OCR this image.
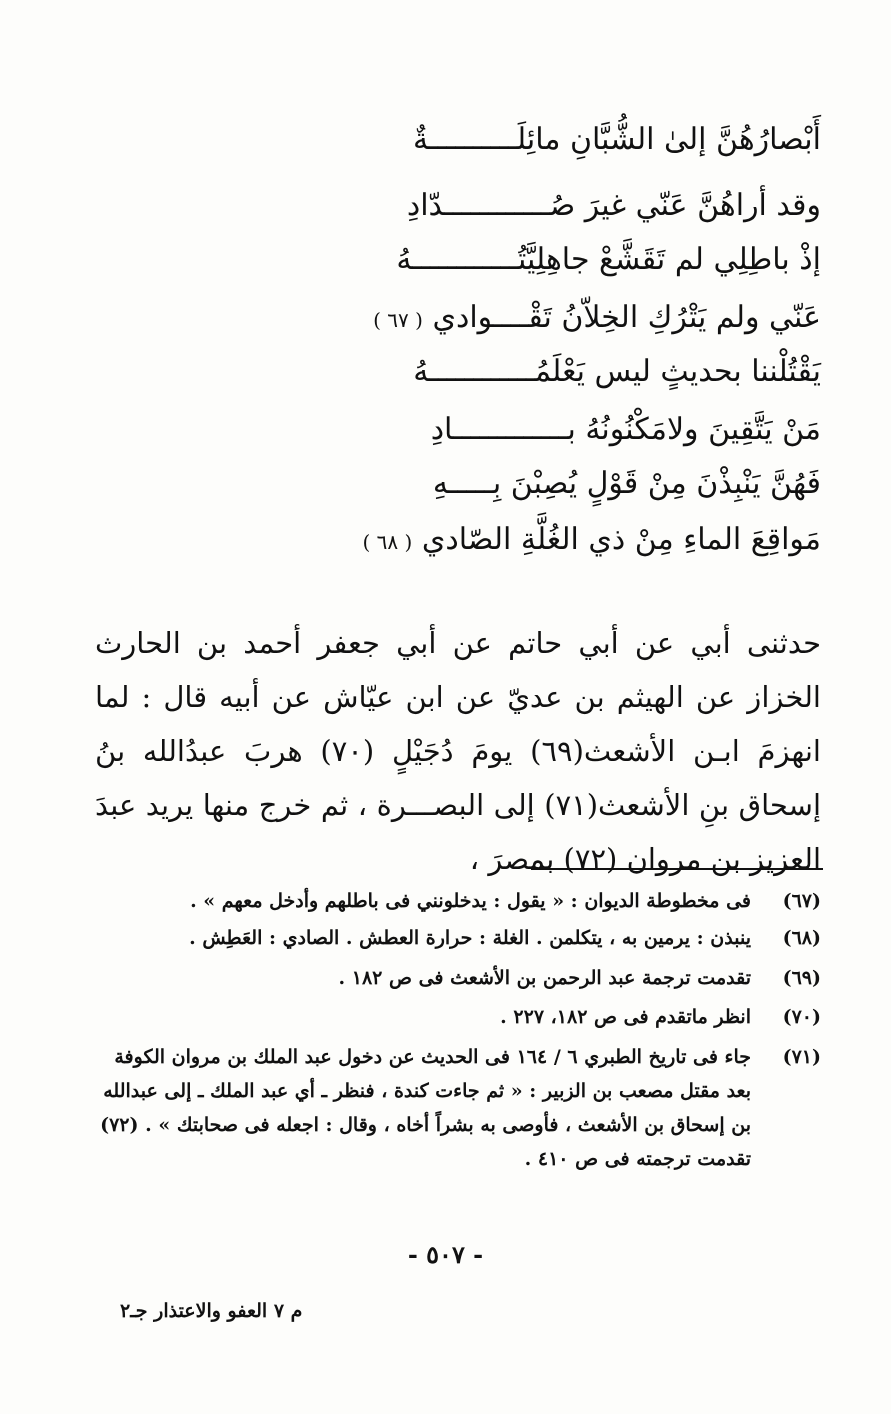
أَبْصارُهُنَّ إلىٰ الشُّبَّانِ مائِلَــــــــــةٌ
وقد أراهُنَّ عَنّي غيرَ صُــــــــــــدّادِ
إذْ باطِلِي لم تَقَشَّعْ جاهِلِيَّتُــــــــــــهُ
عَنّي ولم يَتْرُكِ الخِلاّنُ تَقْــــوادي ( ٦٧ )
يَقْتُلْننا بحديثٍ ليس يَعْلَمُــــــــــــهُ
مَنْ يَتَّقِينَ ولامَكْنُونُهُ بـــــــــــــادِ
فَهُنَّ يَنْبِذْنَ مِنْ قَوْلٍ يُصِبْنَ بِـــــهِ
مَواقِعَ الماءِ مِنْ ذي الغُلَّةِ الصّادي ( ٦٨ )

حدثنى أبي عن أبي حاتم عن أبي جعفر أحمد بن الحارث الخزاز عن الهيثم بن عديّ عن ابن عيّاش عن أبيه قال : لما انهزمَ ابـن الأشعث(٦٩) يومَ دُجَيْلٍ (٧٠) هربَ عبدُالله بنُ إسحاق بنِ الأشعث(٧١) إلى البصـــرة ، ثم خرج منها يريد عبدَ العزيز بن مروان (٧٢) بمصرَ ،

(٦٧)
فى مخطوطة الديوان : « يقول : يدخلونني فى باطلهم وأدخل معهم » .
(٦٨)
ينبذن : يرمين به ، يتكلمن . الغلة : حرارة العطش . الصادي : العَطِش .
(٦٩)
تقدمت ترجمة عبد الرحمن بن الأشعث فى ص ١٨٢ .
(٧٠)
انظر ماتقدم فى ص ١٨٢، ٢٢٧ .
(٧١)
جاء فى تاريخ الطبري ٦ / ١٦٤ فى الحديث عن دخول عبد الملك بن مروان الكوفة بعد مقتل مصعب بن الزبير : « ثم جاءت كندة ، فنظر ـ أي عبد الملك ـ إلى عبدالله بن إسحاق بن الأشعث ، فأوصى به بشراً أخاه ، وقال : اجعله فى صحابتك » . (٧٢) تقدمت ترجمته فى ص ٤١٠ .
- ٥٠٧ -
م ٧ العفو والاعتذار جـ٢
